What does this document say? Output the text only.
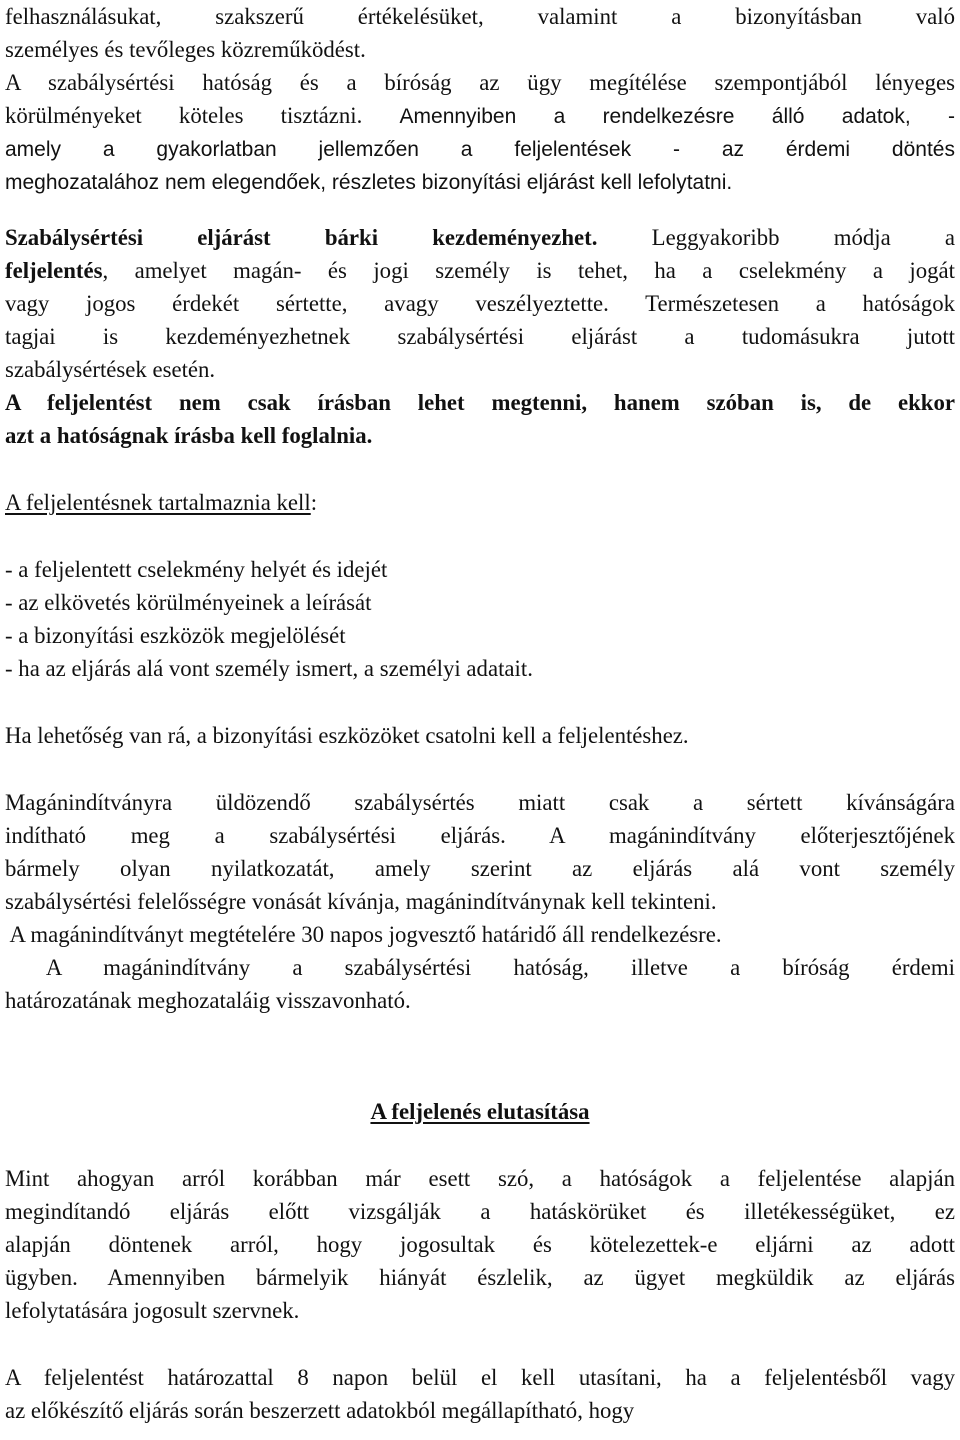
felhasználásukat, szakszerű értékelésüket, valamint a bizonyításban való
személyes és tevőleges közreműködést.

A szabálysértési hatóság és a bíróság az ügy megítélése szempontjából lényeges
körülményeket köteles tisztázni. Amennyiben a rendelkezésre álló adatok, -
amely a gyakorlatban jellemzően a feljelentések - az érdemi döntés
meghozatalához nem elegendőek, részletes bizonyítási eljárást kell lefolytatni.

Szabálysértési eljárást bárki kezdeményezhet. Leggyakoribb módja a
feljelentés, amelyet magán- és jogi személy is tehet, ha a cselekmény a jogát
vagy jogos érdekét sértette, avagy veszélyeztette. Természetesen a hatóságok
tagjai is kezdeményezhetnek szabálysértési eljárást a tudomásukra jutott
szabálysértések esetén.

A feljelentést nem csak írásban lehet megtenni, hanem szóban is, de ekkor
azt a hatóságnak írásba kell foglalnia.

A feljelentésnek tartalmaznia kell:

- a feljelentett cselekmény helyét és idejét
- az elkövetés körülményeinek a leírását
- a bizonyítási eszközök megjelölését
- ha az eljárás alá vont személy ismert, a személyi adatait.

Ha lehetőség van rá, a bizonyítási eszközöket csatolni kell a feljelentéshez.

Magánindítványra üldözendő szabálysértés miatt csak a sértett kívánságára
indítható meg a szabálysértési eljárás. A magánindítvány előterjesztőjének
bármely olyan nyilatkozatát, amely szerint az eljárás alá vont személy
szabálysértési felelősségre vonását kívánja, magánindítványnak kell tekinteni.

A magánindítványt megtételére 30 napos jogvesztő határidő áll rendelkezésre.

A magánindítvány a szabálysértési hatóság, illetve a bíróság érdemi
határozatának meghozataláig visszavonható.

A feljelenés elutasítása

Mint ahogyan arról korábban már esett szó, a hatóságok a feljelentése alapján
megindítandó eljárás előtt vizsgálják a hatáskörüket és illetékességüket, ez
alapján döntenek arról, hogy jogosultak és kötelezettek-e eljárni az adott
ügyben. Amennyiben bármelyik hiányát észlelik, az ügyet megküldik az eljárás
lefolytatására jogosult szervnek.

A feljelentést határozattal 8 napon belül el kell utasítani, ha a feljelentésből vagy
az előkészítő eljárás során beszerzett adatokból megállapítható, hogy
